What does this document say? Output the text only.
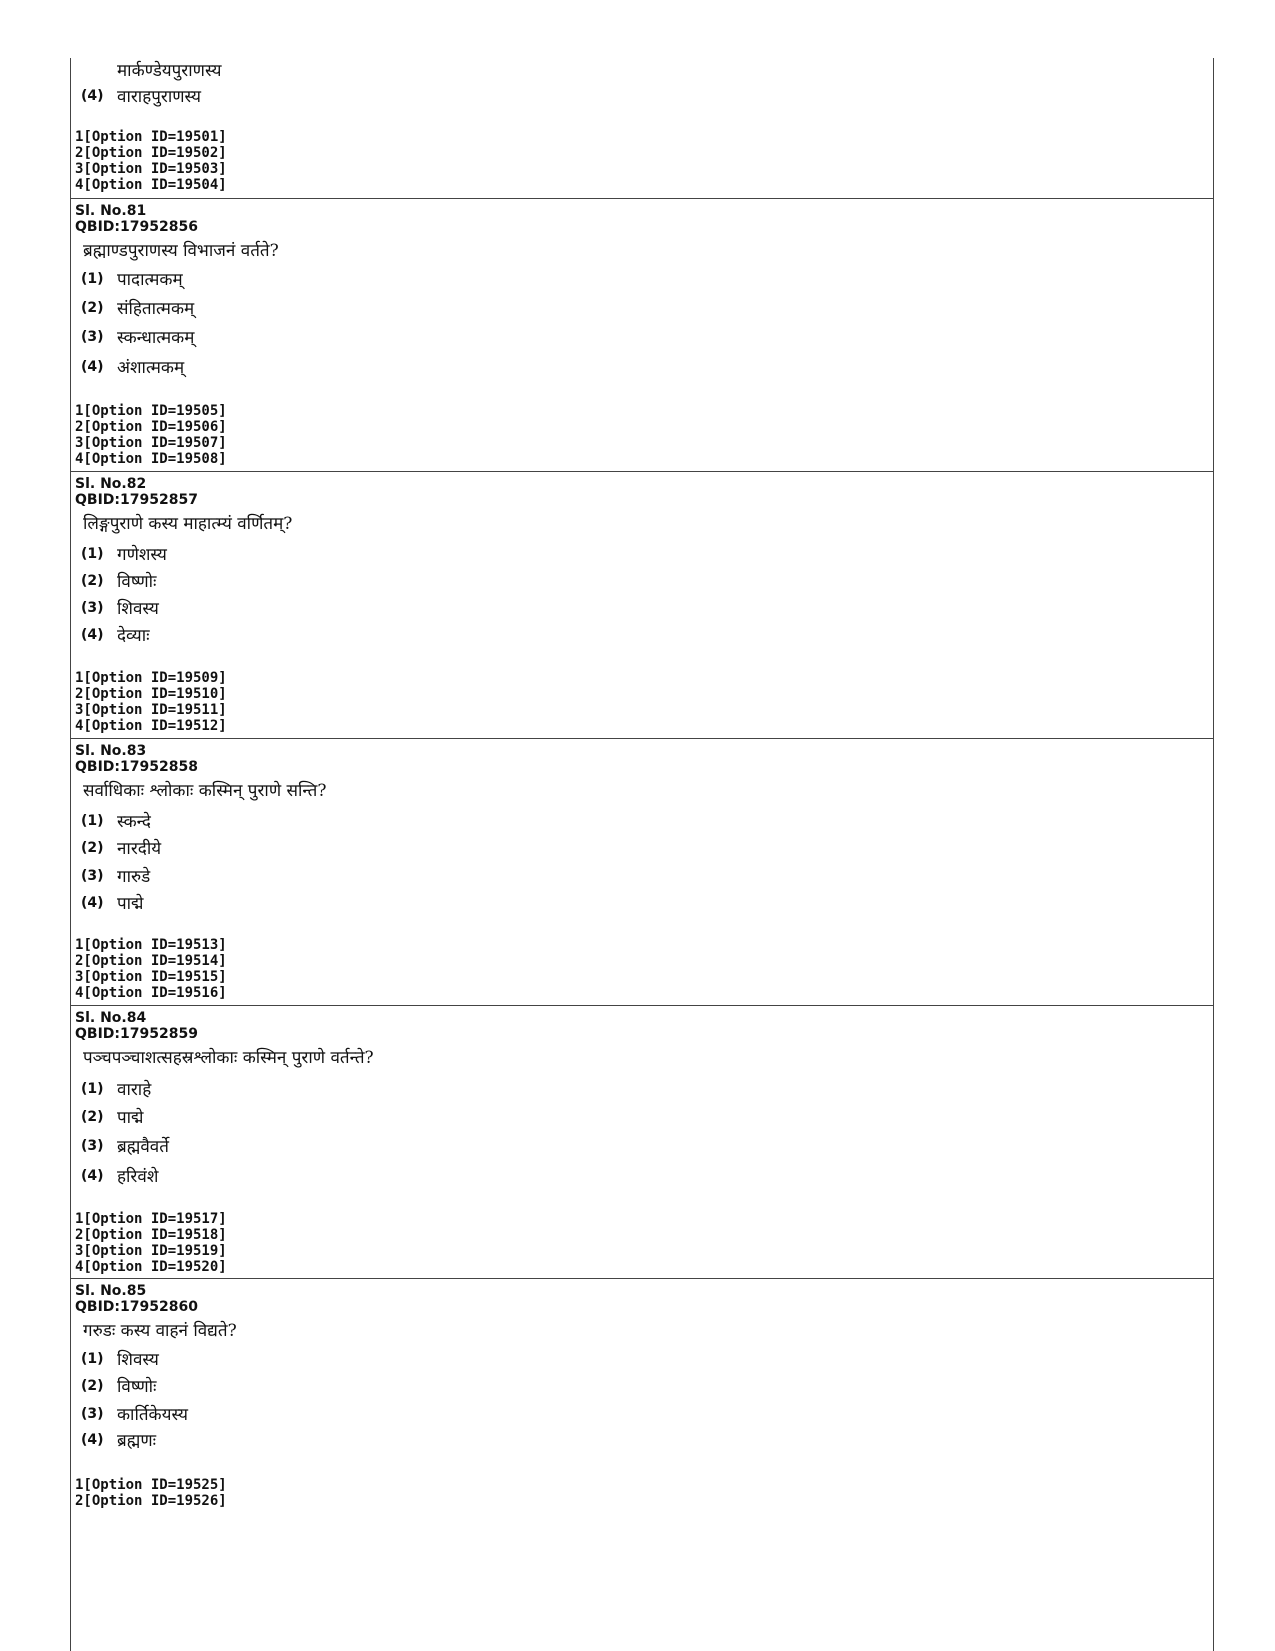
मार्कण्डेयपुराणस्य
(4) वाराहपुराणस्य
1[Option ID=19501]
2[Option ID=19502]
3[Option ID=19503]
4[Option ID=19504]
Sl. No.81
QBID:17952856
ब्रह्माण्डपुराणस्य विभाजनं वर्तते?
(1) पादात्मकम्
(2) संहितात्मकम्
(3) स्कन्धात्मकम्
(4) अंशात्मकम्
1[Option ID=19505]
2[Option ID=19506]
3[Option ID=19507]
4[Option ID=19508]
Sl. No.82
QBID:17952857
लिङ्गपुराणे कस्य माहात्म्यं वर्णितम्?
(1) गणेशस्य
(2) विष्णोः
(3) शिवस्य
(4) देव्याः
1[Option ID=19509]
2[Option ID=19510]
3[Option ID=19511]
4[Option ID=19512]
Sl. No.83
QBID:17952858
सर्वाधिकाः श्लोकाः कस्मिन् पुराणे सन्ति?
(1) स्कन्दे
(2) नारदीये
(3) गारुडे
(4) पाद्मे
1[Option ID=19513]
2[Option ID=19514]
3[Option ID=19515]
4[Option ID=19516]
Sl. No.84
QBID:17952859
पञ्चपञ्चाशत्सहस्रश्लोकाः कस्मिन् पुराणे वर्तन्ते?
(1) वाराहे
(2) पाद्मे
(3) ब्रह्मवैवर्ते
(4) हरिवंशे
1[Option ID=19517]
2[Option ID=19518]
3[Option ID=19519]
4[Option ID=19520]
Sl. No.85
QBID:17952860
गरुडः कस्य वाहनं विद्यते?
(1) शिवस्य
(2) विष्णोः
(3) कार्तिकेयस्य
(4) ब्रह्मणः
1[Option ID=19525]
2[Option ID=19526]
